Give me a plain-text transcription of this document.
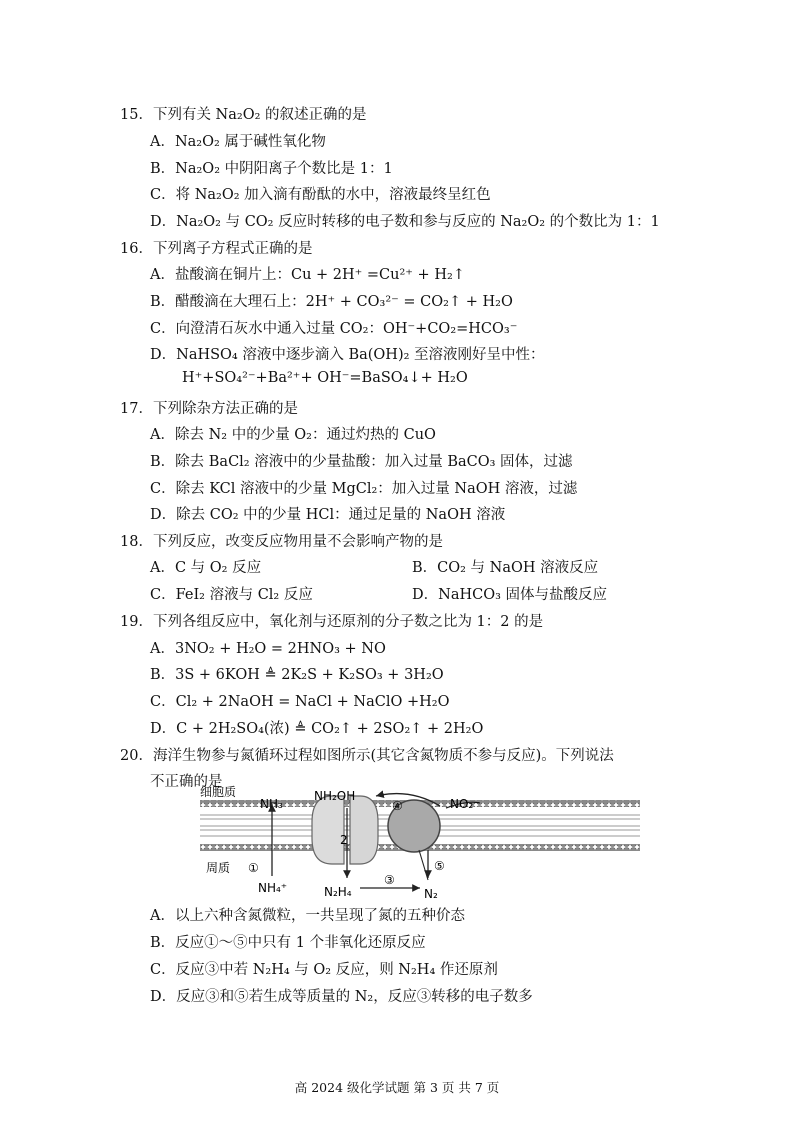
15．下列有关 Na₂O₂ 的叙述正确的是
A．Na₂O₂ 属于碱性氧化物
B．Na₂O₂ 中阴阳离子个数比是 1：1
C．将 Na₂O₂ 加入滴有酚酞的水中，溶液最终呈红色
D．Na₂O₂ 与 CO₂ 反应时转移的电子数和参与反应的 Na₂O₂ 的个数比为 1：1
16．下列离子方程式正确的是
A．盐酸滴在铜片上：Cu + 2H⁺ =Cu²⁺ + H₂↑
B．醋酸滴在大理石上：2H⁺ + CO₃²⁻ = CO₂↑ + H₂O
C．向澄清石灰水中通入过量 CO₂：OH⁻+CO₂=HCO₃⁻
D．NaHSO₄ 溶液中逐步滴入 Ba(OH)₂ 至溶液刚好呈中性：
H⁺+SO₄²⁻+Ba²⁺+ OH⁻=BaSO₄↓+ H₂O
17．下列除杂方法正确的是
A．除去 N₂ 中的少量 O₂：通过灼热的 CuO
B．除去 BaCl₂ 溶液中的少量盐酸：加入过量 BaCO₃ 固体，过滤
C．除去 KCl 溶液中的少量 MgCl₂：加入过量 NaOH 溶液，过滤
D．除去 CO₂ 中的少量 HCl：通过足量的 NaOH 溶液
18．下列反应，改变反应物用量不会影响产物的是
A．C 与 O₂ 反应	B．CO₂ 与 NaOH 溶液反应
C．FeI₂ 溶液与 Cl₂ 反应	D．NaHCO₃ 固体与盐酸反应
19．下列各组反应中，氧化剂与还原剂的分子数之比为 1：2 的是
A．3NO₂ + H₂O = 2HNO₃ + NO
B．3S + 6KOH ≜ 2K₂S + K₂SO₃ + 3H₂O
C．Cl₂ + 2NaOH = NaCl + NaClO +H₂O
D．C + 2H₂SO₄(浓) ≜ CO₂↑ + 2SO₂↑ + 2H₂O
20．海洋生物参与氮循环过程如图所示(其它含氮物质不参与反应)。下列说法
不正确的是
细胞质
周质 ①
NH₃
NH₂OH
2
④	NO₂⁻
⑤
NH₄⁺	N₂H₄
③
N₂
A．以上六种含氮微粒，一共呈现了氮的五种价态
B．反应①～⑤中只有 1 个非氧化还原反应
C．反应③中若 N₂H₄ 与 O₂ 反应，则 N₂H₄ 作还原剂
D．反应③和⑤若生成等质量的 N₂，反应③转移的电子数多
高 2024 级化学试题 第 3 页 共 7 页
